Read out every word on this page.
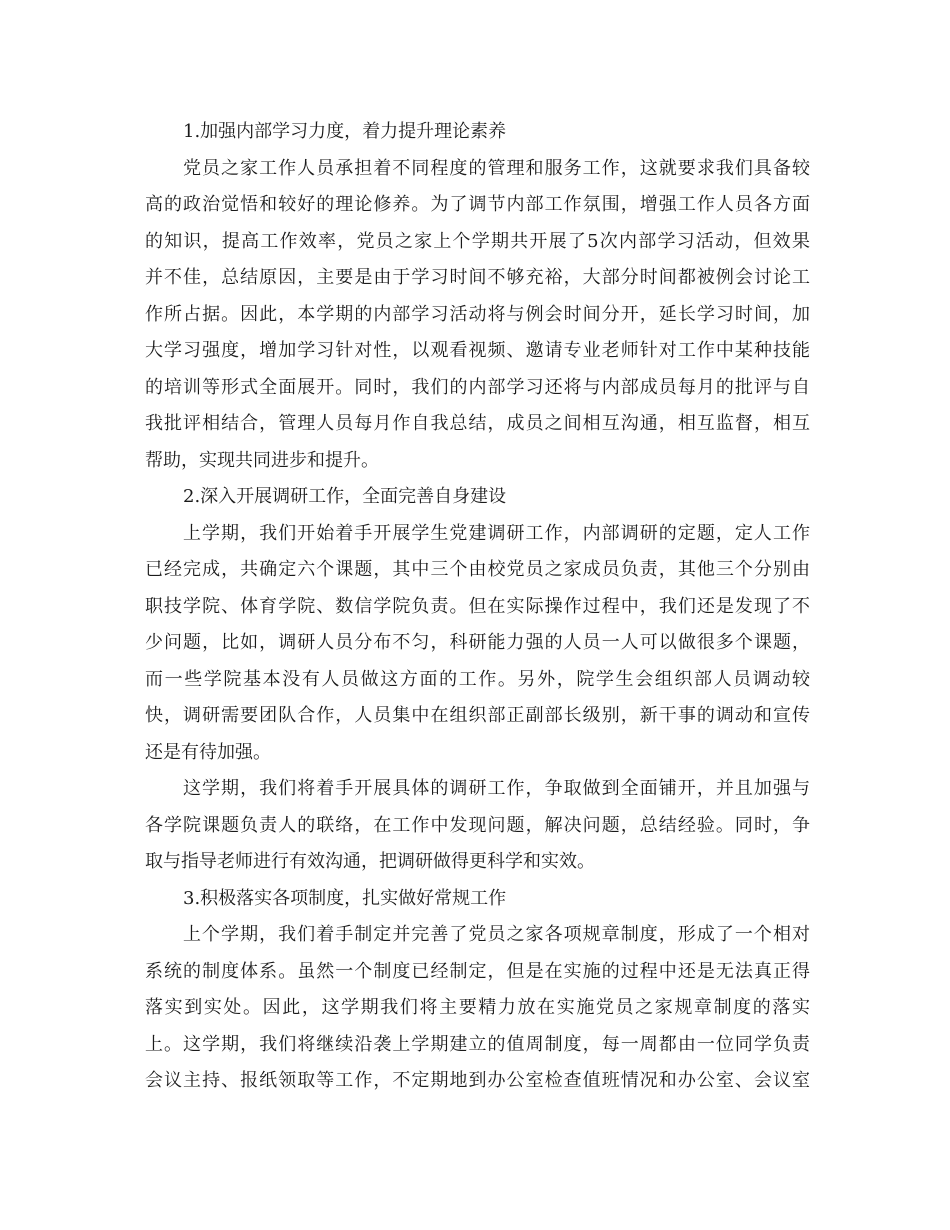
1.加强内部学习力度，着力提升理论素养
党员之家工作人员承担着不同程度的管理和服务工作，这就要求我们具备较
高的政治觉悟和较好的理论修养。为了调节内部工作氛围，增强工作人员各方面
的知识，提高工作效率，党员之家上个学期共开展了5次内部学习活动，但效果
并不佳，总结原因，主要是由于学习时间不够充裕，大部分时间都被例会讨论工
作所占据。因此，本学期的内部学习活动将与例会时间分开，延长学习时间，加
大学习强度，增加学习针对性，以观看视频、邀请专业老师针对工作中某种技能
的培训等形式全面展开。同时，我们的内部学习还将与内部成员每月的批评与自
我批评相结合，管理人员每月作自我总结，成员之间相互沟通，相互监督，相互
帮助，实现共同进步和提升。
2.深入开展调研工作，全面完善自身建设
上学期，我们开始着手开展学生党建调研工作，内部调研的定题，定人工作
已经完成，共确定六个课题，其中三个由校党员之家成员负责，其他三个分别由
职技学院、体育学院、数信学院负责。但在实际操作过程中，我们还是发现了不
少问题，比如，调研人员分布不匀，科研能力强的人员一人可以做很多个课题，
而一些学院基本没有人员做这方面的工作。另外，院学生会组织部人员调动较
快，调研需要团队合作，人员集中在组织部正副部长级别，新干事的调动和宣传
还是有待加强。
这学期，我们将着手开展具体的调研工作，争取做到全面铺开，并且加强与
各学院课题负责人的联络，在工作中发现问题，解决问题，总结经验。同时，争
取与指导老师进行有效沟通，把调研做得更科学和实效。
3.积极落实各项制度，扎实做好常规工作
上个学期，我们着手制定并完善了党员之家各项规章制度，形成了一个相对
系统的制度体系。虽然一个制度已经制定，但是在实施的过程中还是无法真正得
落实到实处。因此，这学期我们将主要精力放在实施党员之家规章制度的落实
上。这学期，我们将继续沿袭上学期建立的值周制度，每一周都由一位同学负责
会议主持、报纸领取等工作，不定期地到办公室检查值班情况和办公室、会议室
